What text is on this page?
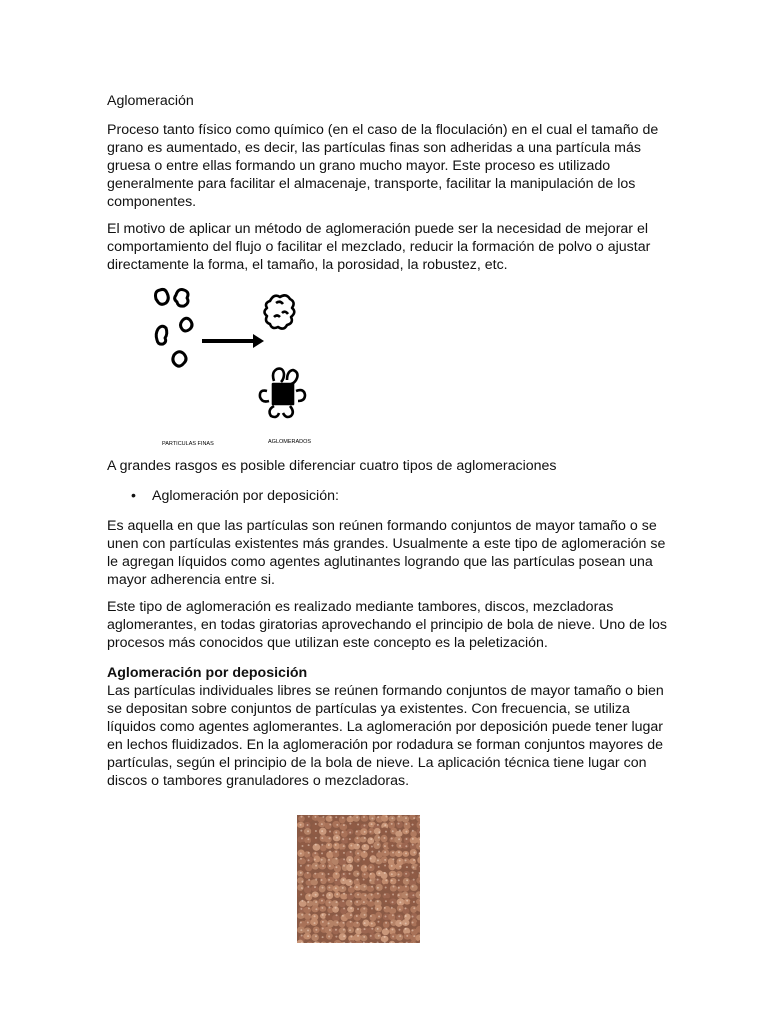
Aglomeración

Proceso tanto físico como químico (en el caso de la floculación) en el cual el tamaño de grano es aumentado, es decir, las partículas finas son adheridas a una partícula más gruesa o entre ellas formando un grano mucho mayor. Este proceso es utilizado generalmente para facilitar el almacenaje, transporte, facilitar la manipulación de los componentes.

El motivo de aplicar un método de aglomeración puede ser la necesidad de mejorar el comportamiento del flujo o facilitar el mezclado, reducir la formación de polvo o ajustar directamente la forma, el tamaño, la porosidad, la robustez, etc.

PARTICULAS FINAS	AGLOMERADOS

A grandes rasgos es posible diferenciar cuatro tipos de aglomeraciones

• Aglomeración por deposición:

Es aquella en que las partículas son reúnen formando conjuntos de mayor tamaño o se unen con partículas existentes más grandes. Usualmente a este tipo de aglomeración se le agregan líquidos como agentes aglutinantes logrando que las partículas posean una mayor adherencia entre si.

Este tipo de aglomeración es realizado mediante tambores, discos, mezcladoras aglomerantes, en todas giratorias aprovechando el principio de bola de nieve. Uno de los procesos más conocidos que utilizan este concepto es la peletización.

Aglomeración por deposición

Las partículas individuales libres se reúnen formando conjuntos de mayor tamaño o bien se depositan sobre conjuntos de partículas ya existentes. Con frecuencia, se utiliza líquidos como agentes aglomerantes. La aglomeración por deposición puede tener lugar en lechos fluidizados. En la aglomeración por rodadura se forman conjuntos mayores de partículas, según el principio de la bola de nieve. La aplicación técnica tiene lugar con discos o tambores granuladores o mezcladoras.
